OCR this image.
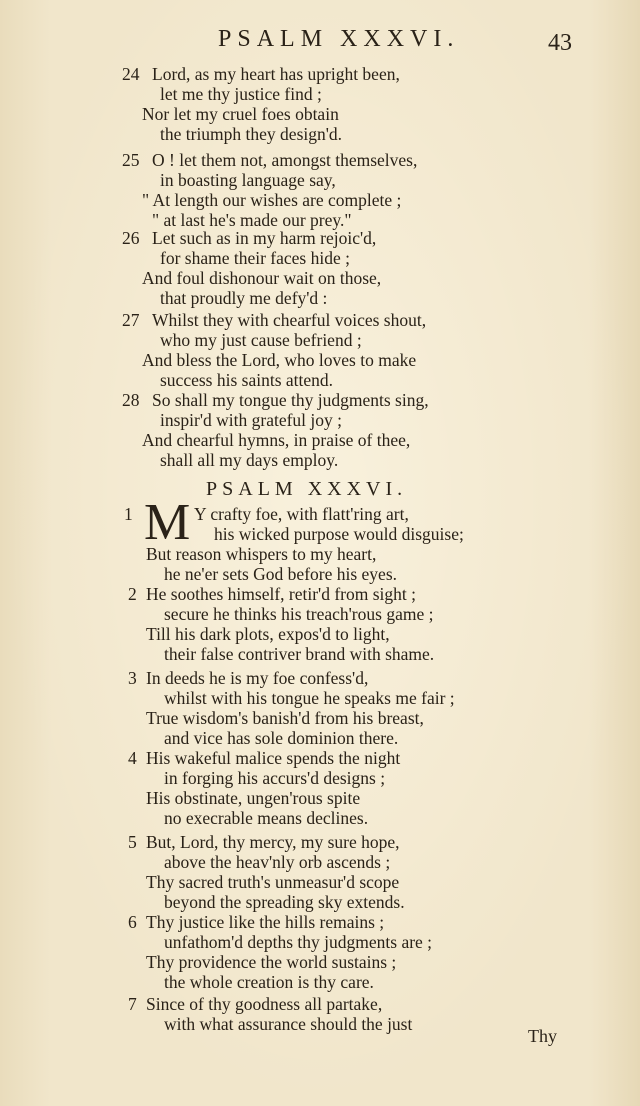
PSALM XXXVI.	43
24 Lord, as my heart has upright been,
let me thy justice find ;
Nor let my cruel foes obtain
the triumph they design'd.
25 O ! let them not, amongst themselves,
in boasting language say,
" At length our wishes are complete ;
" at last he's made our prey."
26 Let such as in my harm rejoic'd,
for shame their faces hide ;
And foul dishonour wait on those,
that proudly me defy'd :
27 Whilst they with chearful voices shout,
who my just cause befriend ;
And bless the Lord, who loves to make
success his saints attend.
28 So shall my tongue thy judgments sing,
inspir'd with grateful joy ;
And chearful hymns, in praise of thee,
shall all my days employ.
PSALM XXXVI.
1 M Y crafty foe, with flatt'ring art,
his wicked purpose would disguise;
But reason whispers to my heart,
he ne'er sets God before his eyes.
2 He soothes himself, retir'd from sight ;
secure he thinks his treach'rous game ;
Till his dark plots, expos'd to light,
their false contriver brand with shame.
3 In deeds he is my foe confess'd,
whilst with his tongue he speaks me fair ;
True wisdom's banish'd from his breast,
and vice has sole dominion there.
4 His wakeful malice spends the night
in forging his accurs'd designs ;
His obstinate, ungen'rous spite
no execrable means declines.
5 But, Lord, thy mercy, my sure hope,
above the heav'nly orb ascends ;
Thy sacred truth's unmeasur'd scope
beyond the spreading sky extends.
6 Thy justice like the hills remains ;
unfathom'd depths thy judgments are ;
Thy providence the world sustains ;
the whole creation is thy care.
7 Since of thy goodness all partake,
with what assurance should the just
Thy
